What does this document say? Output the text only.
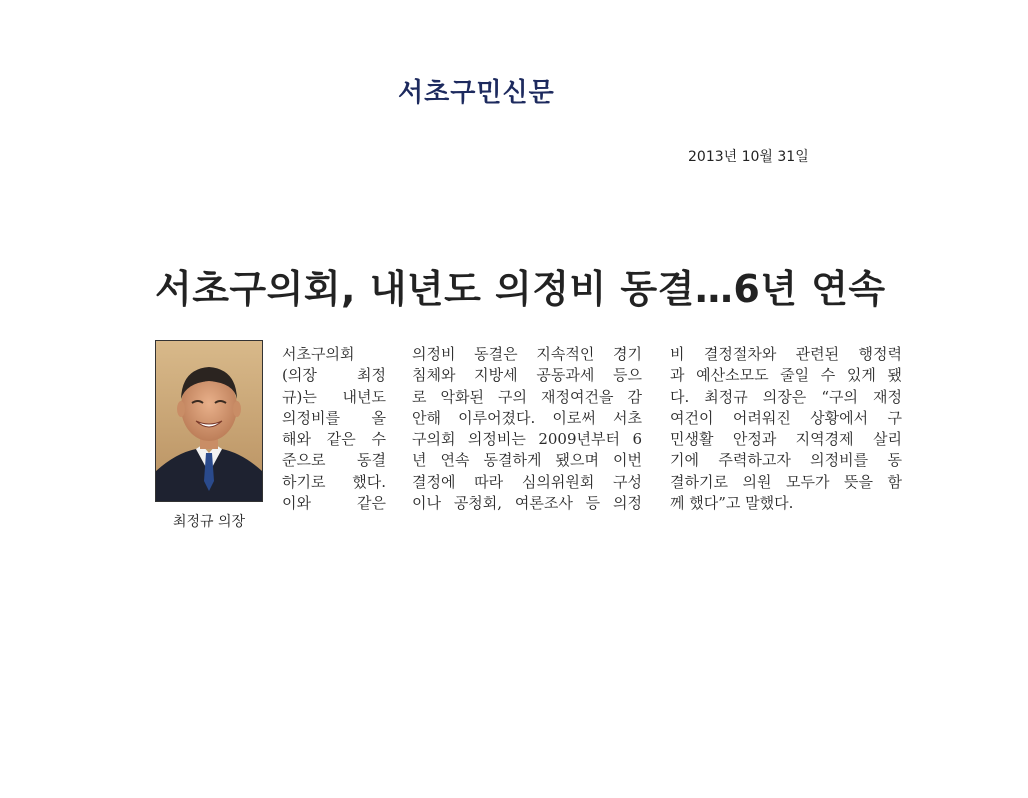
서초구민신문
2013년 10월 31일
서초구의회, 내년도 의정비 동결…6년 연속
최정규 의장
서초구의회
(의장 최정
규)는 내년도
의정비를 올
해와 같은 수
준으로 동결
하기로 했다.
이와 같은
의정비 동결은 지속적인 경기
침체와 지방세 공동과세 등으
로 악화된 구의 재정여건을 감
안해 이루어졌다. 이로써 서초
구의회 의정비는 2009년부터 6
년 연속 동결하게 됐으며 이번
결정에 따라 심의위원회 구성
이나 공청회, 여론조사 등 의정
비 결정절차와 관련된 행정력
과 예산소모도 줄일 수 있게 됐
다. 최정규 의장은 “구의 재정
여건이 어려워진 상황에서 구
민생활 안정과 지역경제 살리
기에 주력하고자 의정비를 동
결하기로 의원 모두가 뜻을 함
께 했다”고 말했다.
